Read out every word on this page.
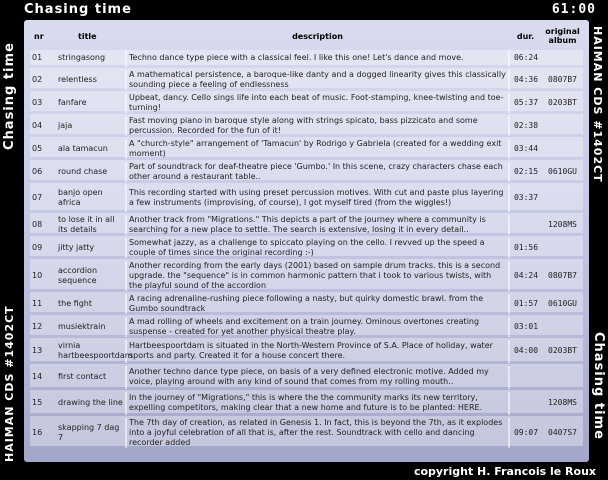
Chasing time	61:00
Chasing time
HAIMAN CDS #1402CT
HAIMAN CDS #1402CT
Chasing time
nr	title	description	dur.	original album
01	stringasong	Techno dance type piece with a classical feel. I like this one! Let's dance and move.	06:24	
02	relentless	A mathematical persistence, a baroque-like danty and a dogged linearity gives this classically sounding piece a feeling of endlessness	04:36	0807B7
03	fanfare	Upbeat, dancy. Cello sings life into each beat of music. Foot-stamping, knee-twisting and toe-turning!	05:37	0203BT
04	jaja	Fast moving piano in baroque style along with strings spicato, bass pizzicato and some percussion. Recorded for the fun of it!	02:38	
05	ala tamacun	A "church-style" arrangement of 'Tamacun' by Rodrigo y Gabriela (created for a wedding exit moment)	03:44	
06	round chase	Part of soundtrack for deaf-theatre piece 'Gumbo.' In this scene, crazy characters chase each other around a restaurant table..	02:15	0610GU
07	banjo open africa	This recording started with using preset percussion motives. With cut and paste plus layering a few instruments (improvising, of course), I got myself tired (from the wiggles!)	03:37	
08	to lose it in all its details	Another track from "Migrations." This depicts a part of the journey where a community is searching for a new place to settle. The search is extensive, losing it in every detail..		1208MS
09	jitty jatty	Somewhat jazzy, as a challenge to spiccato playing on the cello. I revved up the speed a couple of times since the original recording :-)	01:56	
10	accordion sequence	Another recording from the early days (2001) based on sample drum tracks. this is a second upgrade. the "sequence" is in common harmonic pattern that i took to various twists, with the playful sound of the accordion	04:24	0807B7
11	the fight	A racing adrenaline-rushing piece following a nasty, but quirky domestic brawl. from the Gumbo soundtrack	01:57	0610GU
12	musiektrain	A mad rolling of wheels and excitement on a train journey. Ominous overtones creating suspense - created for yet another physical theatre play.	03:01	
13	virnia hartbeespoortdam	Hartbeespoortdam is situated in the North-Western Province of S.A. Place of holiday, water sports and party. Created it for a house concert there.	04:00	0203BT
14	first contact	Another techno dance type piece, on basis of a very defined electronic motive. Added my voice, playing around with any kind of sound that comes from my rolling mouth..		
15	drawing the line	In the journey of "Migrations," this is where the the community marks its new territory, expelling competitors, making clear that a new home and future is to be planted: HERE.		1208MS
16	skapping 7 dag 7	The 7th day of creation, as related in Genesis 1. In fact, this is beyond the 7th, as it explodes into a joyful celebration of all that is, after the rest. Soundtrack with cello and dancing recorder added	09:07	0407S7
copyright H. Francois le Roux
